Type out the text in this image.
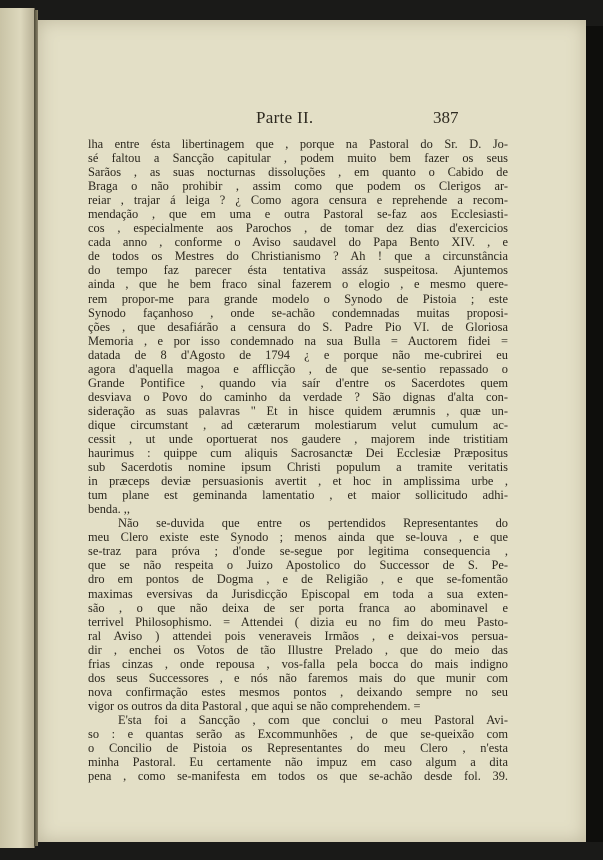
Parte II.	387
lha entre ésta libertinagem que , porque na Pastoral do Sr. D. Jo-
sé faltou a Sancção capitular , podem muito bem fazer os seus
Sarãos , as suas nocturnas dissoluções , em quanto o Cabido de
Braga o não prohibir , assim como que podem os Clerigos ar-
reiar , trajar á leiga ? ¿ Como agora censura e reprehende a recom-
mendação , que em uma e outra Pastoral se-faz aos Ecclesiasti-
cos , especialmente aos Parochos , de tomar dez dias d'exercicios
cada anno , conforme o Aviso saudavel do Papa Bento XIV. , e
de todos os Mestres do Christianismo ? Ah ! que a circunstância
do tempo faz parecer ésta tentativa assáz suspeitosa. Ajuntemos
ainda , que he bem fraco sinal fazerem o elogio , e mesmo quere-
rem propor-me para grande modelo o Synodo de Pistoia ; este
Synodo façanhoso , onde se-achão condemnadas muitas proposi-
ções , que desafiárão a censura do S. Padre Pio VI. de Gloriosa
Memoria , e por isso condemnado na sua Bulla = Auctorem fidei =
datada de 8 d'Agosto de 1794 ¿ e porque não me-cubrirei eu
agora d'aquella magoa e afflicção , de que se-sentio repassado o
Grande Pontifice , quando via saír d'entre os Sacerdotes quem
desviava o Povo do caminho da verdade ? São dignas d'alta con-
sideração as suas palavras " Et in hisce quidem ærumnis , quæ un-
dique circumstant , ad cæterarum molestiarum velut cumulum ac-
cessit , ut unde oportuerat nos gaudere , majorem inde tristitiam
haurimus : quippe cum aliquis Sacrosanctæ Dei Ecclesiæ Præpositus
sub Sacerdotis nomine ipsum Christi populum a tramite veritatis
in præceps deviæ persuasionis avertit , et hoc in amplissima urbe ,
tum plane est geminanda lamentatio , et maior sollicitudo adhi-
benda. ,,
Não se-duvida que entre os pertendidos Representantes do
meu Clero existe este Synodo ; menos ainda que se-louva , e que
se-traz para próva ; d'onde se-segue por legitima consequencia ,
que se não respeita o Juizo Apostolico do Successor de S. Pe-
dro em pontos de Dogma , e de Religião , e que se-fomentão
maximas eversivas da Jurisdicção Episcopal em toda a sua exten-
são , o que não deixa de ser porta franca ao abominavel e
terrivel Philosophismo. = Attendei ( dizia eu no fim do meu Pasto-
ral Aviso ) attendei pois veneraveis Irmãos , e deixai-vos persua-
dir , enchei os Votos de tão Illustre Prelado , que do meio das
frias cinzas , onde repousa , vos-falla pela bocca do mais indigno
dos seus Successores , e nós não faremos mais do que munir com
nova confirmação estes mesmos pontos , deixando sempre no seu
vigor os outros da dita Pastoral , que aqui se não comprehendem. =
E'sta foi a Sancção , com que conclui o meu Pastoral Avi-
so : e quantas serão as Excommunhões , de que se-queixão com
o Concilio de Pistoia os Representantes do meu Clero , n'esta
minha Pastoral. Eu certamente não impuz em caso algum a dita
pena , como se-manifesta em todos os que se-achão desde fol. 39.
